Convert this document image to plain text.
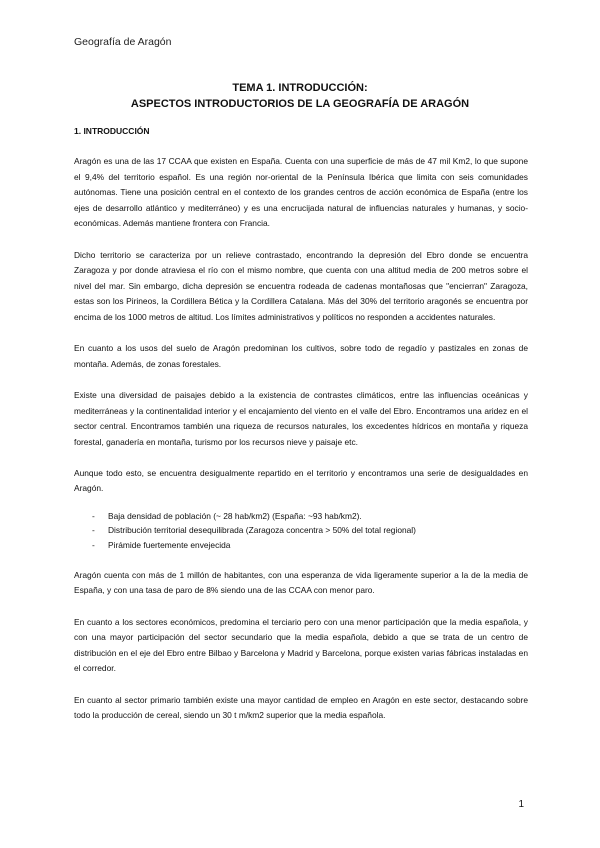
Geografía de Aragón
TEMA 1. INTRODUCCIÓN:
ASPECTOS INTRODUCTORIOS DE LA GEOGRAFÍA DE ARAGÓN
1. INTRODUCCIÓN

Aragón es una de las 17 CCAA que existen en España. Cuenta con una superficie de más de 47 mil Km2, lo que supone el 9,4% del territorio español. Es una región nor-oriental de la Península Ibérica que limita con seis comunidades autónomas. Tiene una posición central en el contexto de los grandes centros de acción económica de España (entre los ejes de desarrollo atlántico y mediterráneo) y es una encrucijada natural de influencias naturales y humanas, y socio- económicas. Además mantiene frontera con Francia.

Dicho territorio se caracteriza por un relieve contrastado, encontrando la depresión del Ebro donde se encuentra Zaragoza y por donde atraviesa el río con el mismo nombre, que cuenta con una altitud media de 200 metros sobre el nivel del mar. Sin embargo, dicha depresión se encuentra rodeada de cadenas montañosas que "encierran" Zaragoza, estas son los Pirineos, la Cordillera Bética y la Cordillera Catalana. Más del 30% del territorio aragonés se encuentra por encima de los 1000 metros de altitud. Los límites administrativos y políticos no responden a accidentes naturales.

En cuanto a los usos del suelo de Aragón predominan los cultivos, sobre todo de regadío y pastizales en zonas de montaña. Además, de zonas forestales.

Existe una diversidad de paisajes debido a la existencia de contrastes climáticos, entre las influencias oceánicas y mediterráneas y la continentalidad interior y el encajamiento del viento en el valle del Ebro. Encontramos una aridez en el sector central. Encontramos también una riqueza de recursos naturales, los excedentes hídricos en montaña y riqueza forestal, ganadería en montaña, turismo por los recursos nieve y paisaje etc.

Aunque todo esto, se encuentra desigualmente repartido en el territorio y encontramos una serie de desigualdades en Aragón.

- Baja densidad de población (~ 28 hab/km2) (España: ~93 hab/km2).
- Distribución territorial desequilibrada (Zaragoza concentra > 50% del total regional)
- Pirámide fuertemente envejecida

Aragón cuenta con más de 1 millón de habitantes, con una esperanza de vida ligeramente superior a la de la media de España, y con una tasa de paro de 8% siendo una de las CCAA con menor paro.

En cuanto a los sectores económicos, predomina el terciario pero con una menor participación que la media española, y con una mayor participación del sector secundario que la media española, debido a que se trata de un centro de distribución en el eje del Ebro entre Bilbao y Barcelona y Madrid y Barcelona, porque existen varias fábricas instaladas en el corredor.

En cuanto al sector primario también existe una mayor cantidad de empleo en Aragón en este sector, destacando sobre todo la producción de cereal, siendo un 30 t m/km2 superior que la media española.

1
